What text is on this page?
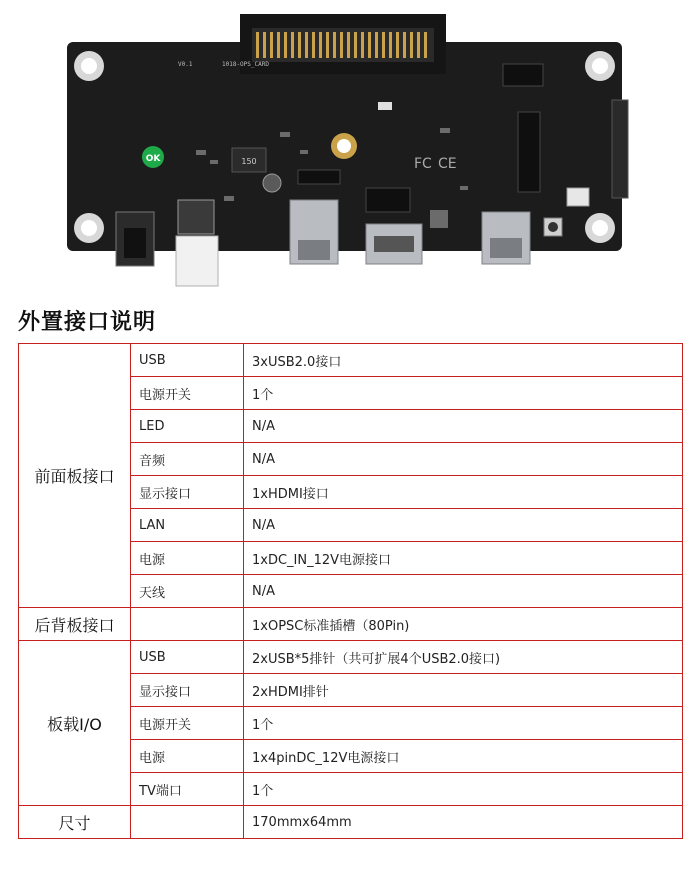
1018-OPS_CARD
V0.1
OK	150	FC CE
外置接口说明
前面板接口	USB	3xUSB2.0接口
	电源开关	1个
	LED	N/A
	音频	N/A
	显示接口	1xHDMI接口
	LAN	N/A
	电源	1xDC_IN_12V电源接口
	天线	N/A
后背板接口		1xOPSC标准插槽（80Pin)
板载I/O	USB	2xUSB*5排针（共可扩展4个USB2.0接口)
	显示接口	2xHDMI排针
	电源开关	1个
	电源	1x4pinDC_12V电源接口
	TV端口	1个
尺寸		170mmx64mm
